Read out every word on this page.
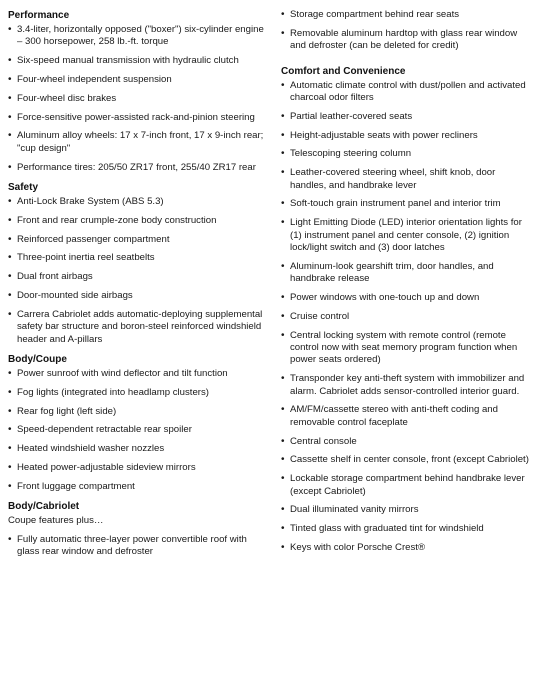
Performance
• 3.4-liter, horizontally opposed ("boxer") six-cylinder engine – 300 horsepower, 258 lb.-ft. torque
• Six-speed manual transmission with hydraulic clutch
• Four-wheel independent suspension
• Four-wheel disc brakes
• Force-sensitive power-assisted rack-and-pinion steering
• Aluminum alloy wheels: 17 x 7-inch front, 17 x 9-inch rear; "cup design"
• Performance tires: 205/50 ZR17 front, 255/40 ZR17 rear
Safety
• Anti-Lock Brake System (ABS 5.3)
• Front and rear crumple-zone body construction
• Reinforced passenger compartment
• Three-point inertia reel seatbelts
• Dual front airbags
• Door-mounted side airbags
• Carrera Cabriolet adds automatic-deploying supplemental safety bar structure and boron-steel reinforced windshield header and A-pillars
Body/Coupe
• Power sunroof with wind deflector and tilt function
• Fog lights (integrated into headlamp clusters)
• Rear fog light (left side)
• Speed-dependent retractable rear spoiler
• Heated windshield washer nozzles
• Heated power-adjustable sideview mirrors
• Front luggage compartment
Body/Cabriolet
Coupe features plus…
• Fully automatic three-layer power convertible roof with glass rear window and defroster
• Storage compartment behind rear seats
• Removable aluminum hardtop with glass rear window and defroster (can be deleted for credit)
Comfort and Convenience
• Automatic climate control with dust/pollen and activated charcoal odor filters
• Partial leather-covered seats
• Height-adjustable seats with power recliners
• Telescoping steering column
• Leather-covered steering wheel, shift knob, door handles, and handbrake lever
• Soft-touch grain instrument panel and interior trim
• Light Emitting Diode (LED) interior orientation lights for (1) instrument panel and center console, (2) ignition lock/light switch and (3) door latches
• Aluminum-look gearshift trim, door handles, and handbrake release
• Power windows with one-touch up and down
• Cruise control
• Central locking system with remote control (remote control now with seat memory program function when power seats ordered)
• Transponder key anti-theft system with immobilizer and alarm. Cabriolet adds sensor-controlled interior guard.
• AM/FM/cassette stereo with anti-theft coding and removable control faceplate
• Central console
• Cassette shelf in center console, front (except Cabriolet)
• Lockable storage compartment behind handbrake lever (except Cabriolet)
• Dual illuminated vanity mirrors
• Tinted glass with graduated tint for windshield
• Keys with color Porsche Crest®
